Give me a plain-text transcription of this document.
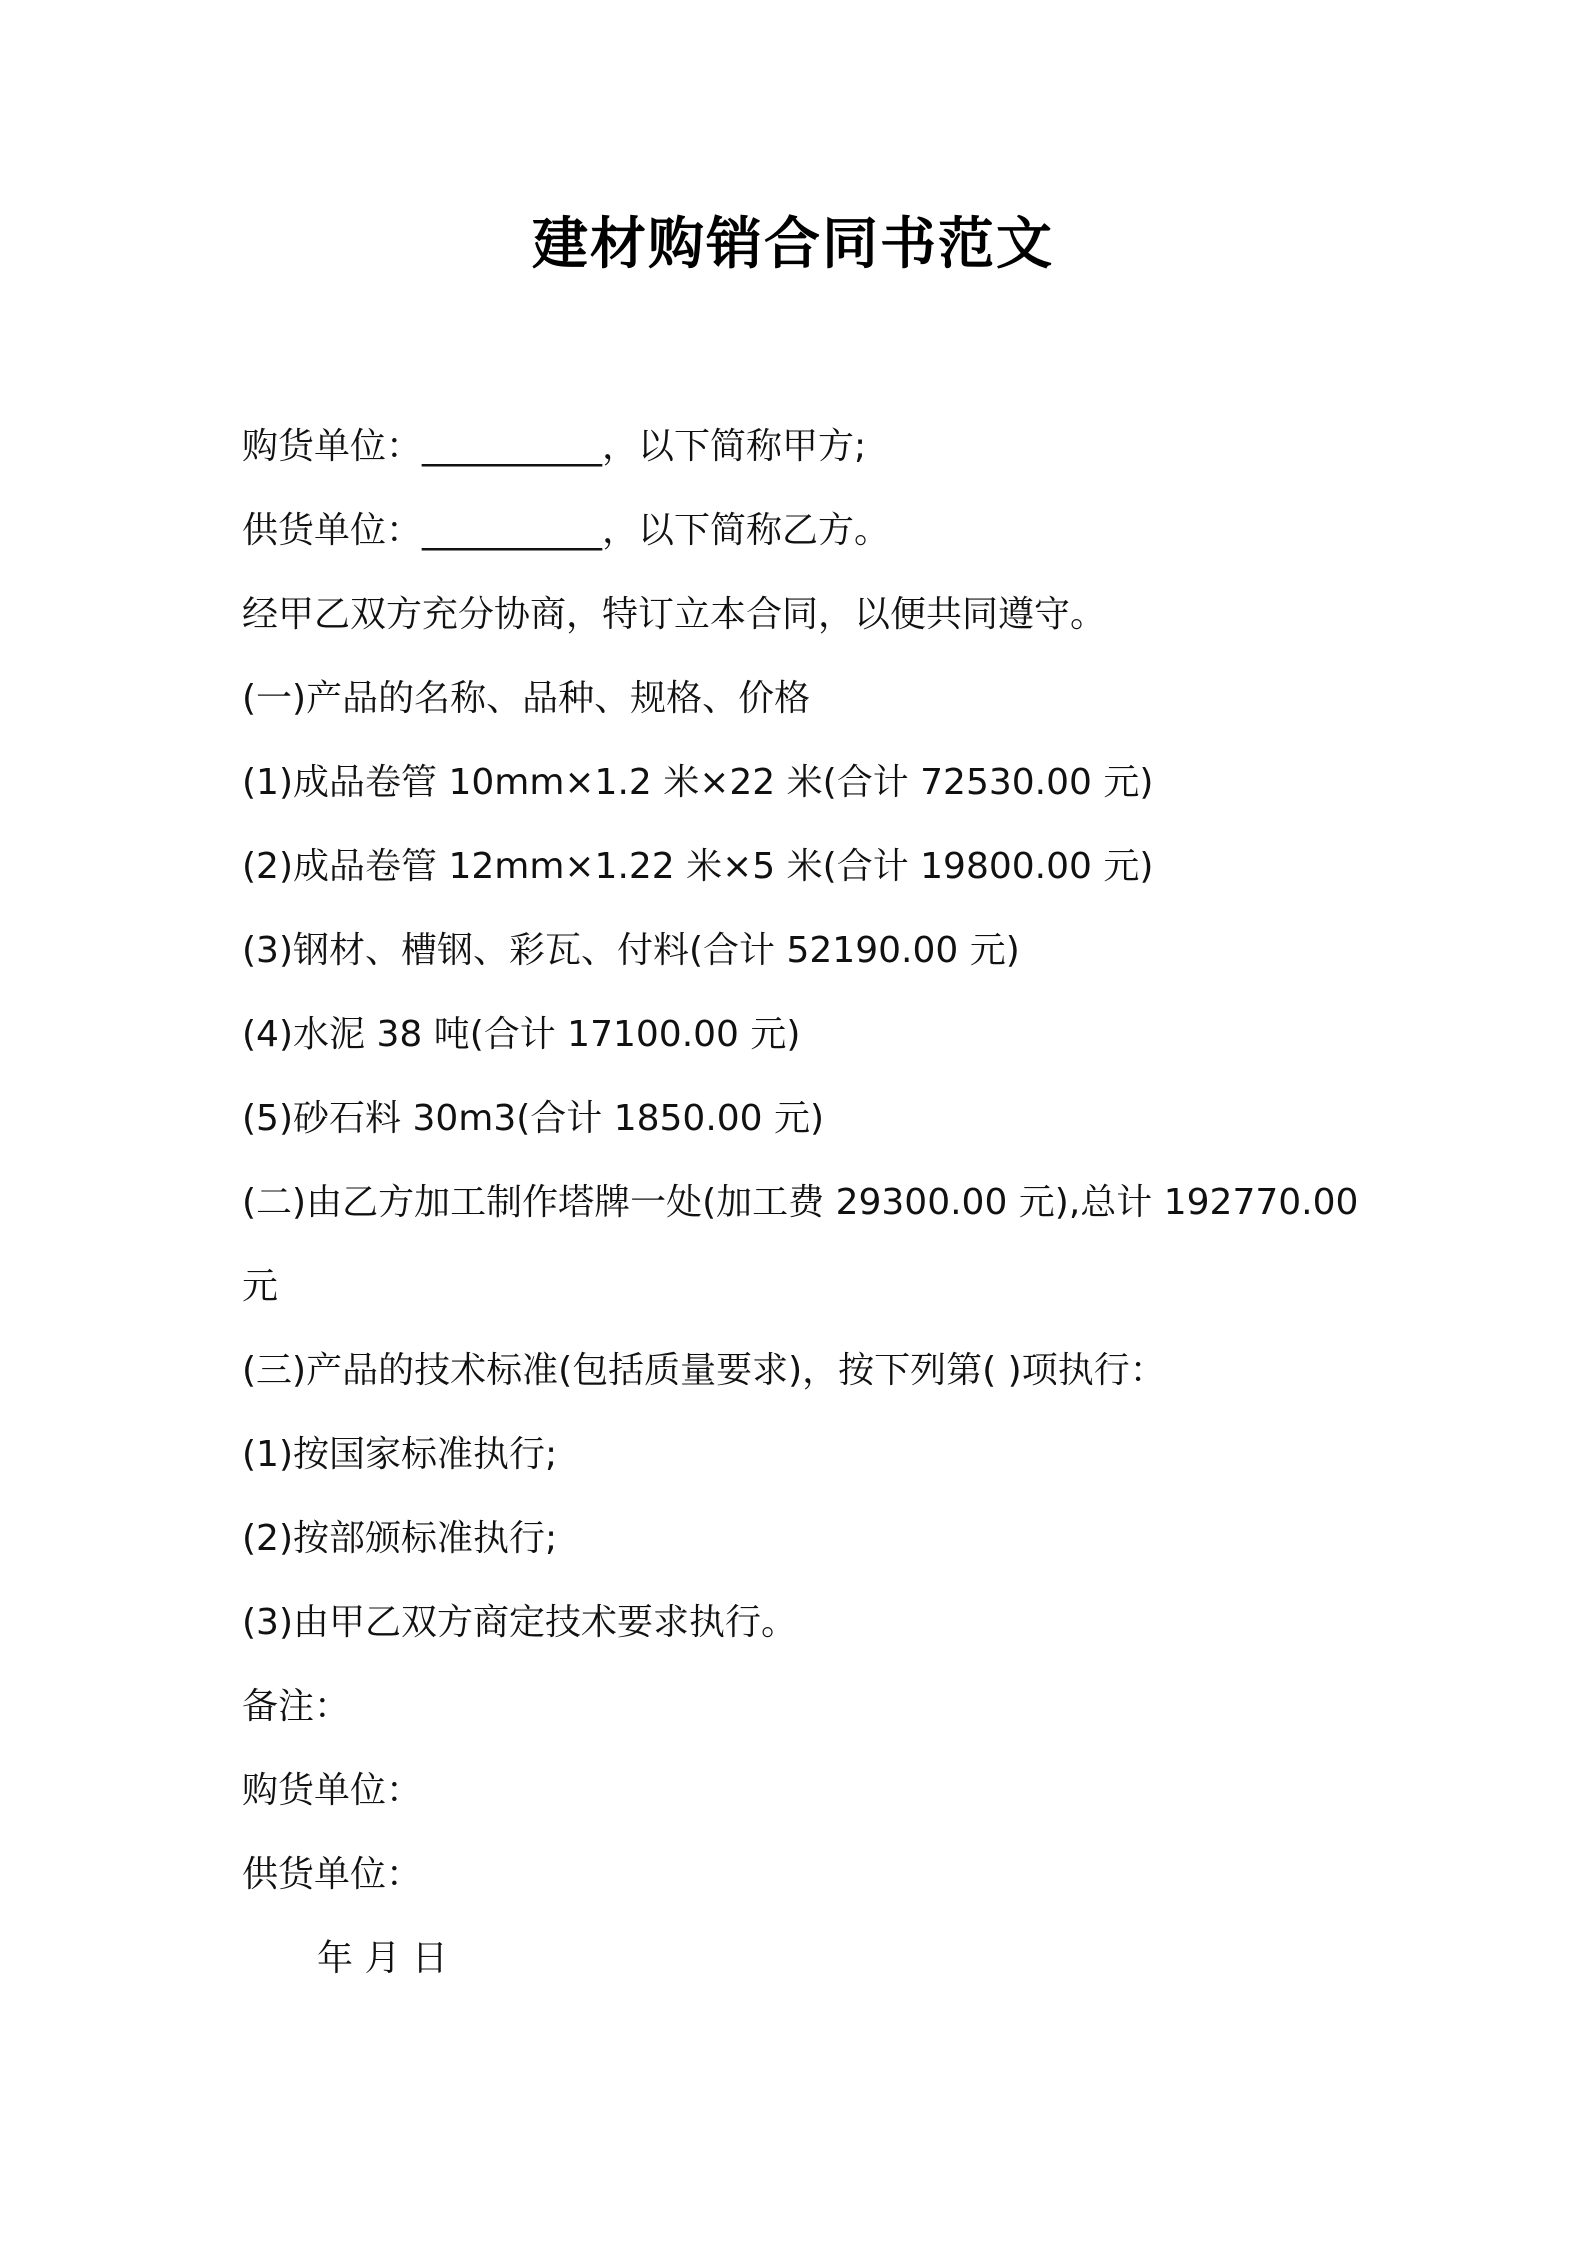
建材购销合同书范文
购货单位：__________，以下简称甲方;
供货单位：__________，以下简称乙方。
经甲乙双方充分协商，特订立本合同，以便共同遵守。
(一)产品的名称、品种、规格、价格
(1)成品卷管 10mm×1.2 米×22 米(合计 72530.00 元)
(2)成品卷管 12mm×1.22 米×5 米(合计 19800.00 元)
(3)钢材、槽钢、彩瓦、付料(合计 52190.00 元)
(4)水泥 38 吨(合计 17100.00 元)
(5)砂石料 30m3(合计 1850.00 元)
(二)由乙方加工制作塔牌一处(加工费 29300.00 元),总计 192770.00
元
(三)产品的技术标准(包括质量要求)，按下列第( )项执行：
(1)按国家标准执行;
(2)按部颁标准执行;
(3)由甲乙双方商定技术要求执行。
备注：
购货单位：
供货单位：
年 月 日
